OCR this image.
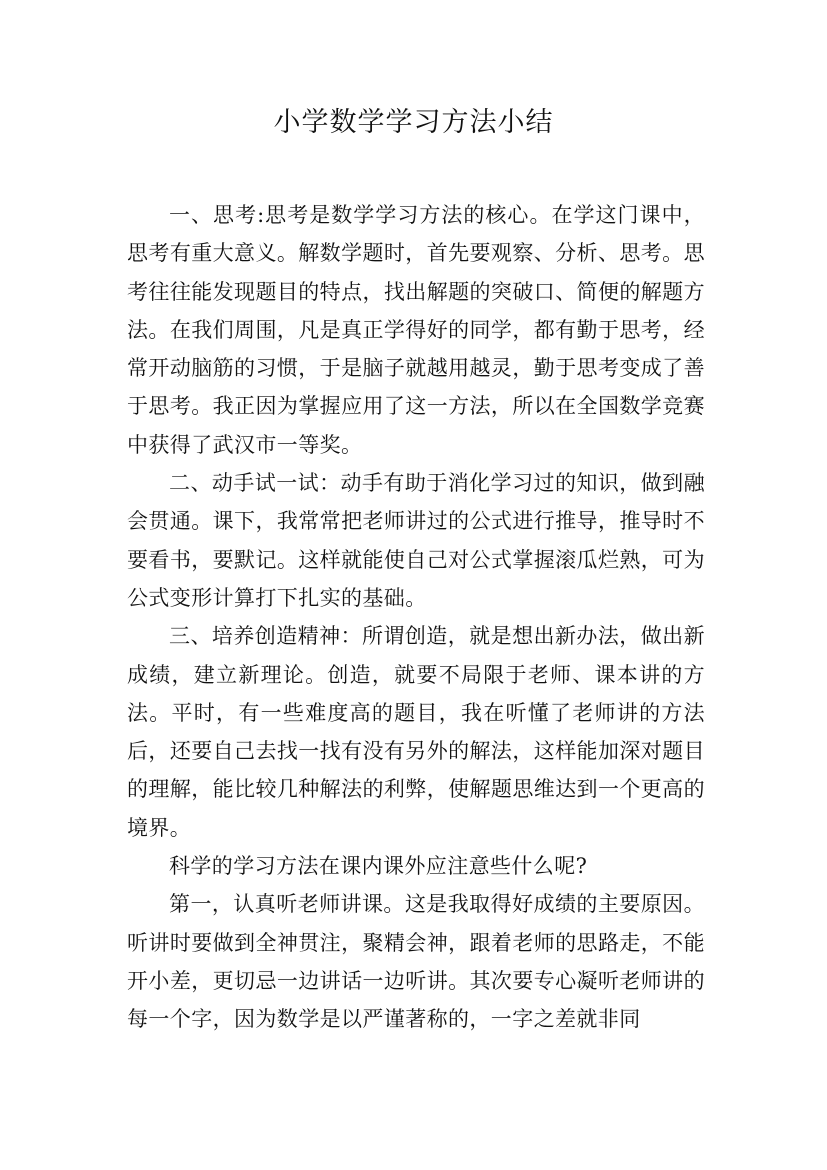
小学数学学习方法小结

一、思考:思考是数学学习方法的核心。在学这门课中，思考有重大意义。解数学题时，首先要观察、分析、思考。思考往往能发现题目的特点，找出解题的突破口、简便的解题方法。在我们周围，凡是真正学得好的同学，都有勤于思考，经常开动脑筋的习惯，于是脑子就越用越灵，勤于思考变成了善于思考。我正因为掌握应用了这一方法，所以在全国数学竞赛中获得了武汉市一等奖。

二、动手试一试：动手有助于消化学习过的知识，做到融会贯通。课下，我常常把老师讲过的公式进行推导，推导时不要看书，要默记。这样就能使自己对公式掌握滚瓜烂熟，可为公式变形计算打下扎实的基础。

三、培养创造精神：所谓创造，就是想出新办法，做出新成绩，建立新理论。创造，就要不局限于老师、课本讲的方法。平时，有一些难度高的题目，我在听懂了老师讲的方法后，还要自己去找一找有没有另外的解法，这样能加深对题目的理解，能比较几种解法的利弊，使解题思维达到一个更高的境界。

科学的学习方法在课内课外应注意些什么呢?

第一，认真听老师讲课。这是我取得好成绩的主要原因。听讲时要做到全神贯注，聚精会神，跟着老师的思路走，不能开小差，更切忌一边讲话一边听讲。其次要专心凝听老师讲的每一个字，因为数学是以严谨著称的，一字之差就非同
